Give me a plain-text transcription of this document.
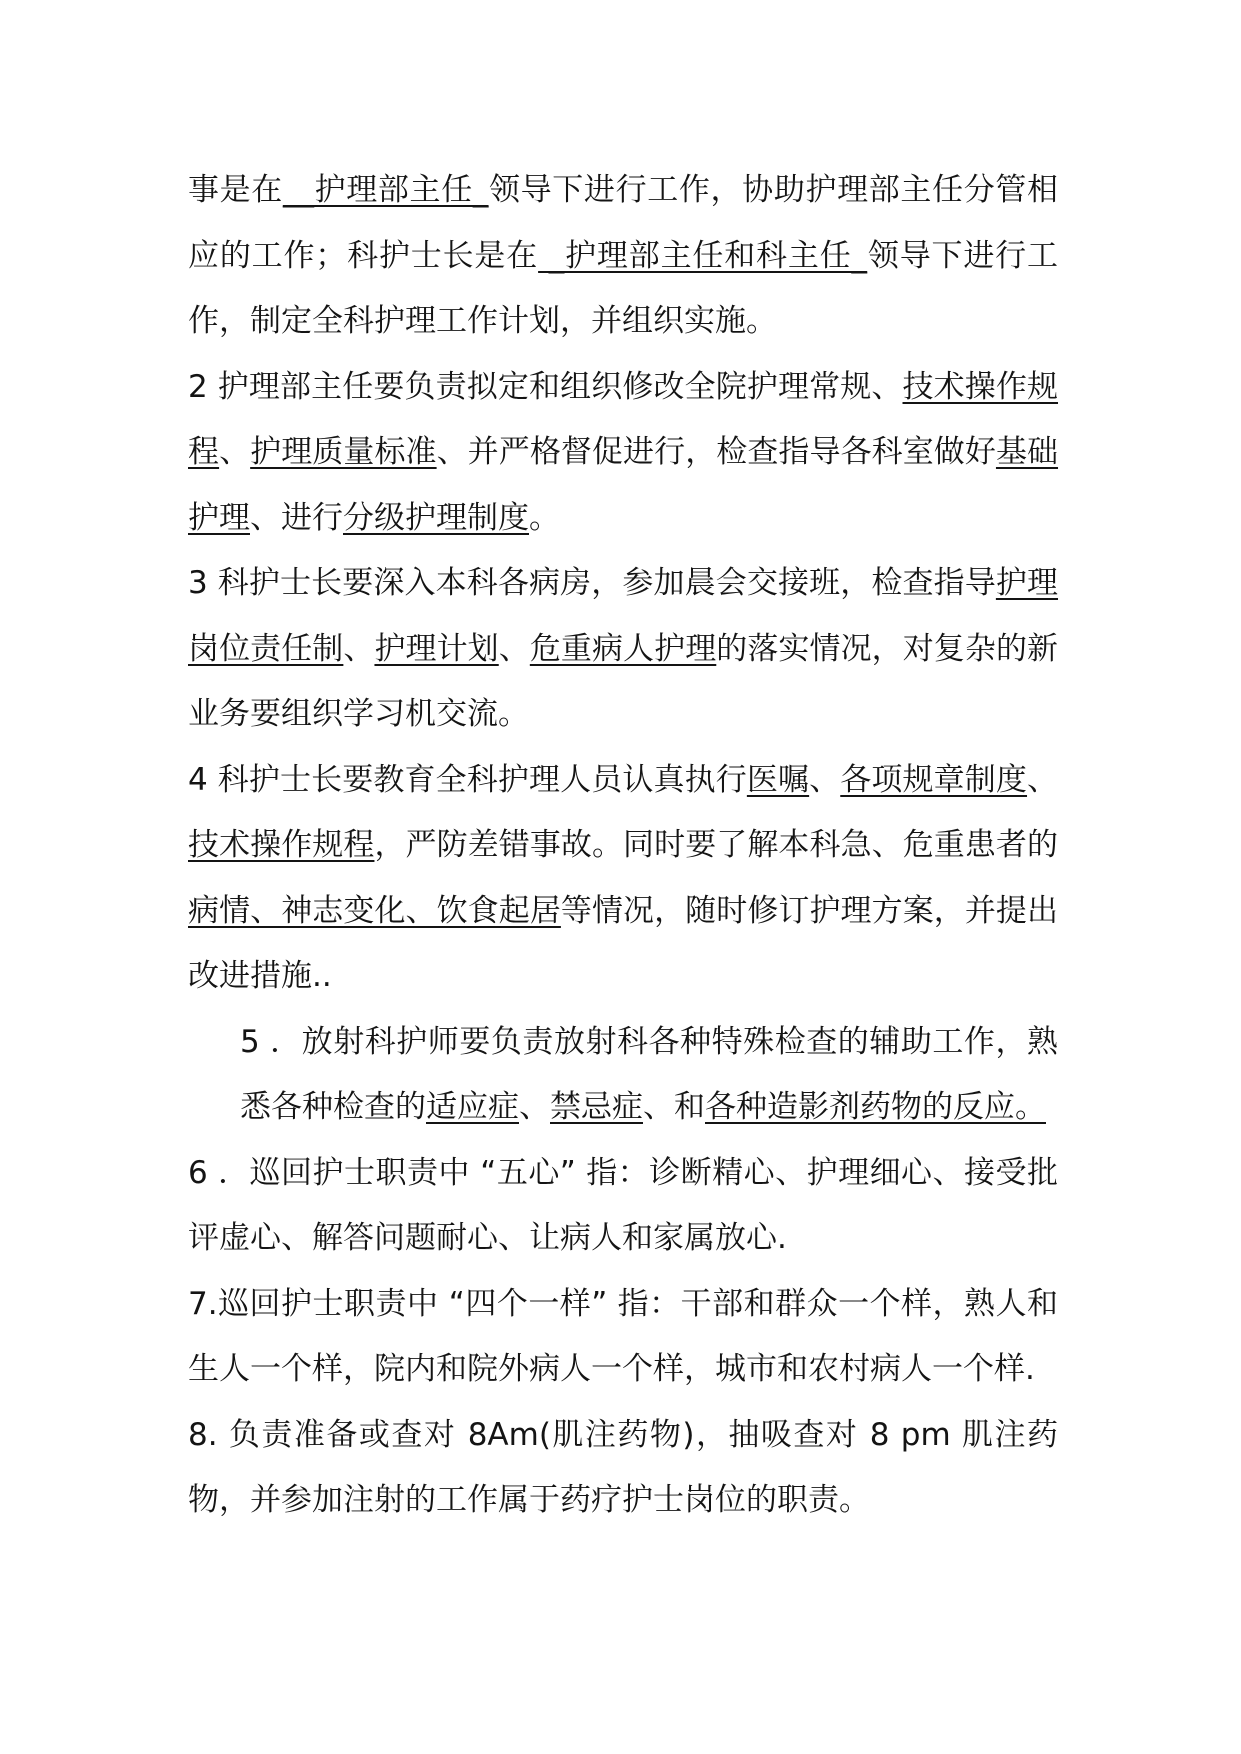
事是在__护理部主任_领导下进行工作，协助护理部主任分管相应的工作；科护士长是在 _护理部主任和科主任_领导下进行工作，制定全科护理工作计划，并组织实施。

2 护理部主任要负责拟定和组织修改全院护理常规、技术操作规程、护理质量标准、并严格督促进行，检查指导各科室做好基础护理、进行分级护理制度。

3 科护士长要深入本科各病房，参加晨会交接班，检查指导护理岗位责任制、护理计划、危重病人护理的落实情况，对复杂的新业务要组织学习机交流。

4 科护士长要教育全科护理人员认真执行医嘱、各项规章制度、技术操作规程，严防差错事故。同时要了解本科急、危重患者的病情、神志变化、饮食起居等情况，随时修订护理方案，并提出改进措施..

5 ．放射科护师要负责放射科各种特殊检查的辅助工作，熟悉各种检查的适应症、禁忌症、和各种造影剂药物的反应。

6 ．巡回护士职责中 “五心” 指：诊断精心、护理细心、接受批评虚心、解答问题耐心、让病人和家属放心.

7.巡回护士职责中 “四个一样” 指：干部和群众一个样，熟人和生人一个样，院内和院外病人一个样，城市和农村病人一个样.

8. 负责准备或查对 8Am(肌注药物)，抽吸查对 8 pm 肌注药物，并参加注射的工作属于药疗护士岗位的职责。
